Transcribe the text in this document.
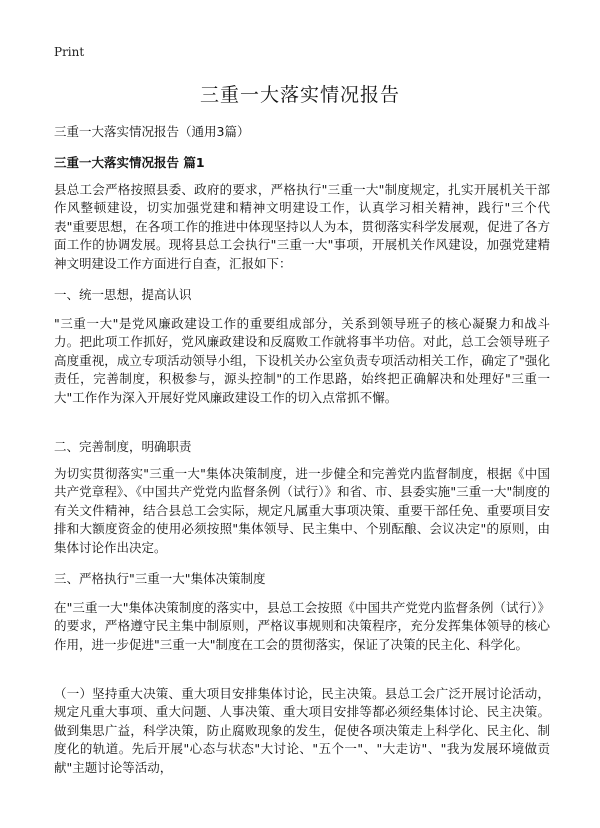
Print
三重一大落实情况报告

三重一大落实情况报告（通用3篇）

三重一大落实情况报告 篇1

县总工会严格按照县委、政府的要求，严格执行"三重一大"制度规定，扎实开展机关干部作风整顿建设，切实加强党建和精神文明建设工作，认真学习相关精神，践行"三个代表"重要思想，在各项工作的推进中体现坚持以人为本，贯彻落实科学发展观，促进了各方面工作的协调发展。现将县总工会执行"三重一大"事项，开展机关作风建设，加强党建精神文明建设工作方面进行自查，汇报如下：

一、统一思想，提高认识

"三重一大"是党风廉政建设工作的重要组成部分，关系到领导班子的核心凝聚力和战斗力。把此项工作抓好，党风廉政建设和反腐败工作就将事半功倍。对此，总工会领导班子高度重视，成立专项活动领导小组，下设机关办公室负责专项活动相关工作，确定了"强化责任，完善制度，积极参与，源头控制"的工作思路，始终把正确解决和处理好"三重一大"工作作为深入开展好党风廉政建设工作的切入点常抓不懈。

二、完善制度，明确职责

为切实贯彻落实"三重一大"集体决策制度，进一步健全和完善党内监督制度，根据《中国共产党章程》、《中国共产党党内监督条例（试行）》和省、市、县委实施"三重一大"制度的有关文件精神，结合县总工会实际，规定凡属重大事项决策、重要干部任免、重要项目安排和大额度资金的使用必须按照"集体领导、民主集中、个别酝酿、会议决定"的原则，由集体讨论作出决定。

三、严格执行"三重一大"集体决策制度

在"三重一大"集体决策制度的落实中，县总工会按照《中国共产党党内监督条例（试行）》的要求，严格遵守民主集中制原则，严格议事规则和决策程序，充分发挥集体领导的核心作用，进一步促进"三重一大"制度在工会的贯彻落实，保证了决策的民主化、科学化。

（一）坚持重大决策、重大项目安排集体讨论，民主决策。县总工会广泛开展讨论活动，规定凡重大事项、重大问题、人事决策、重大项目安排等都必须经集体讨论、民主决策。做到集思广益，科学决策，防止腐败现象的发生，促使各项决策走上科学化、民主化、制度化的轨道。先后开展"心态与状态"大讨论、"五个一"、"大走访"、"我为发展环境做贡献"主题讨论等活动，
